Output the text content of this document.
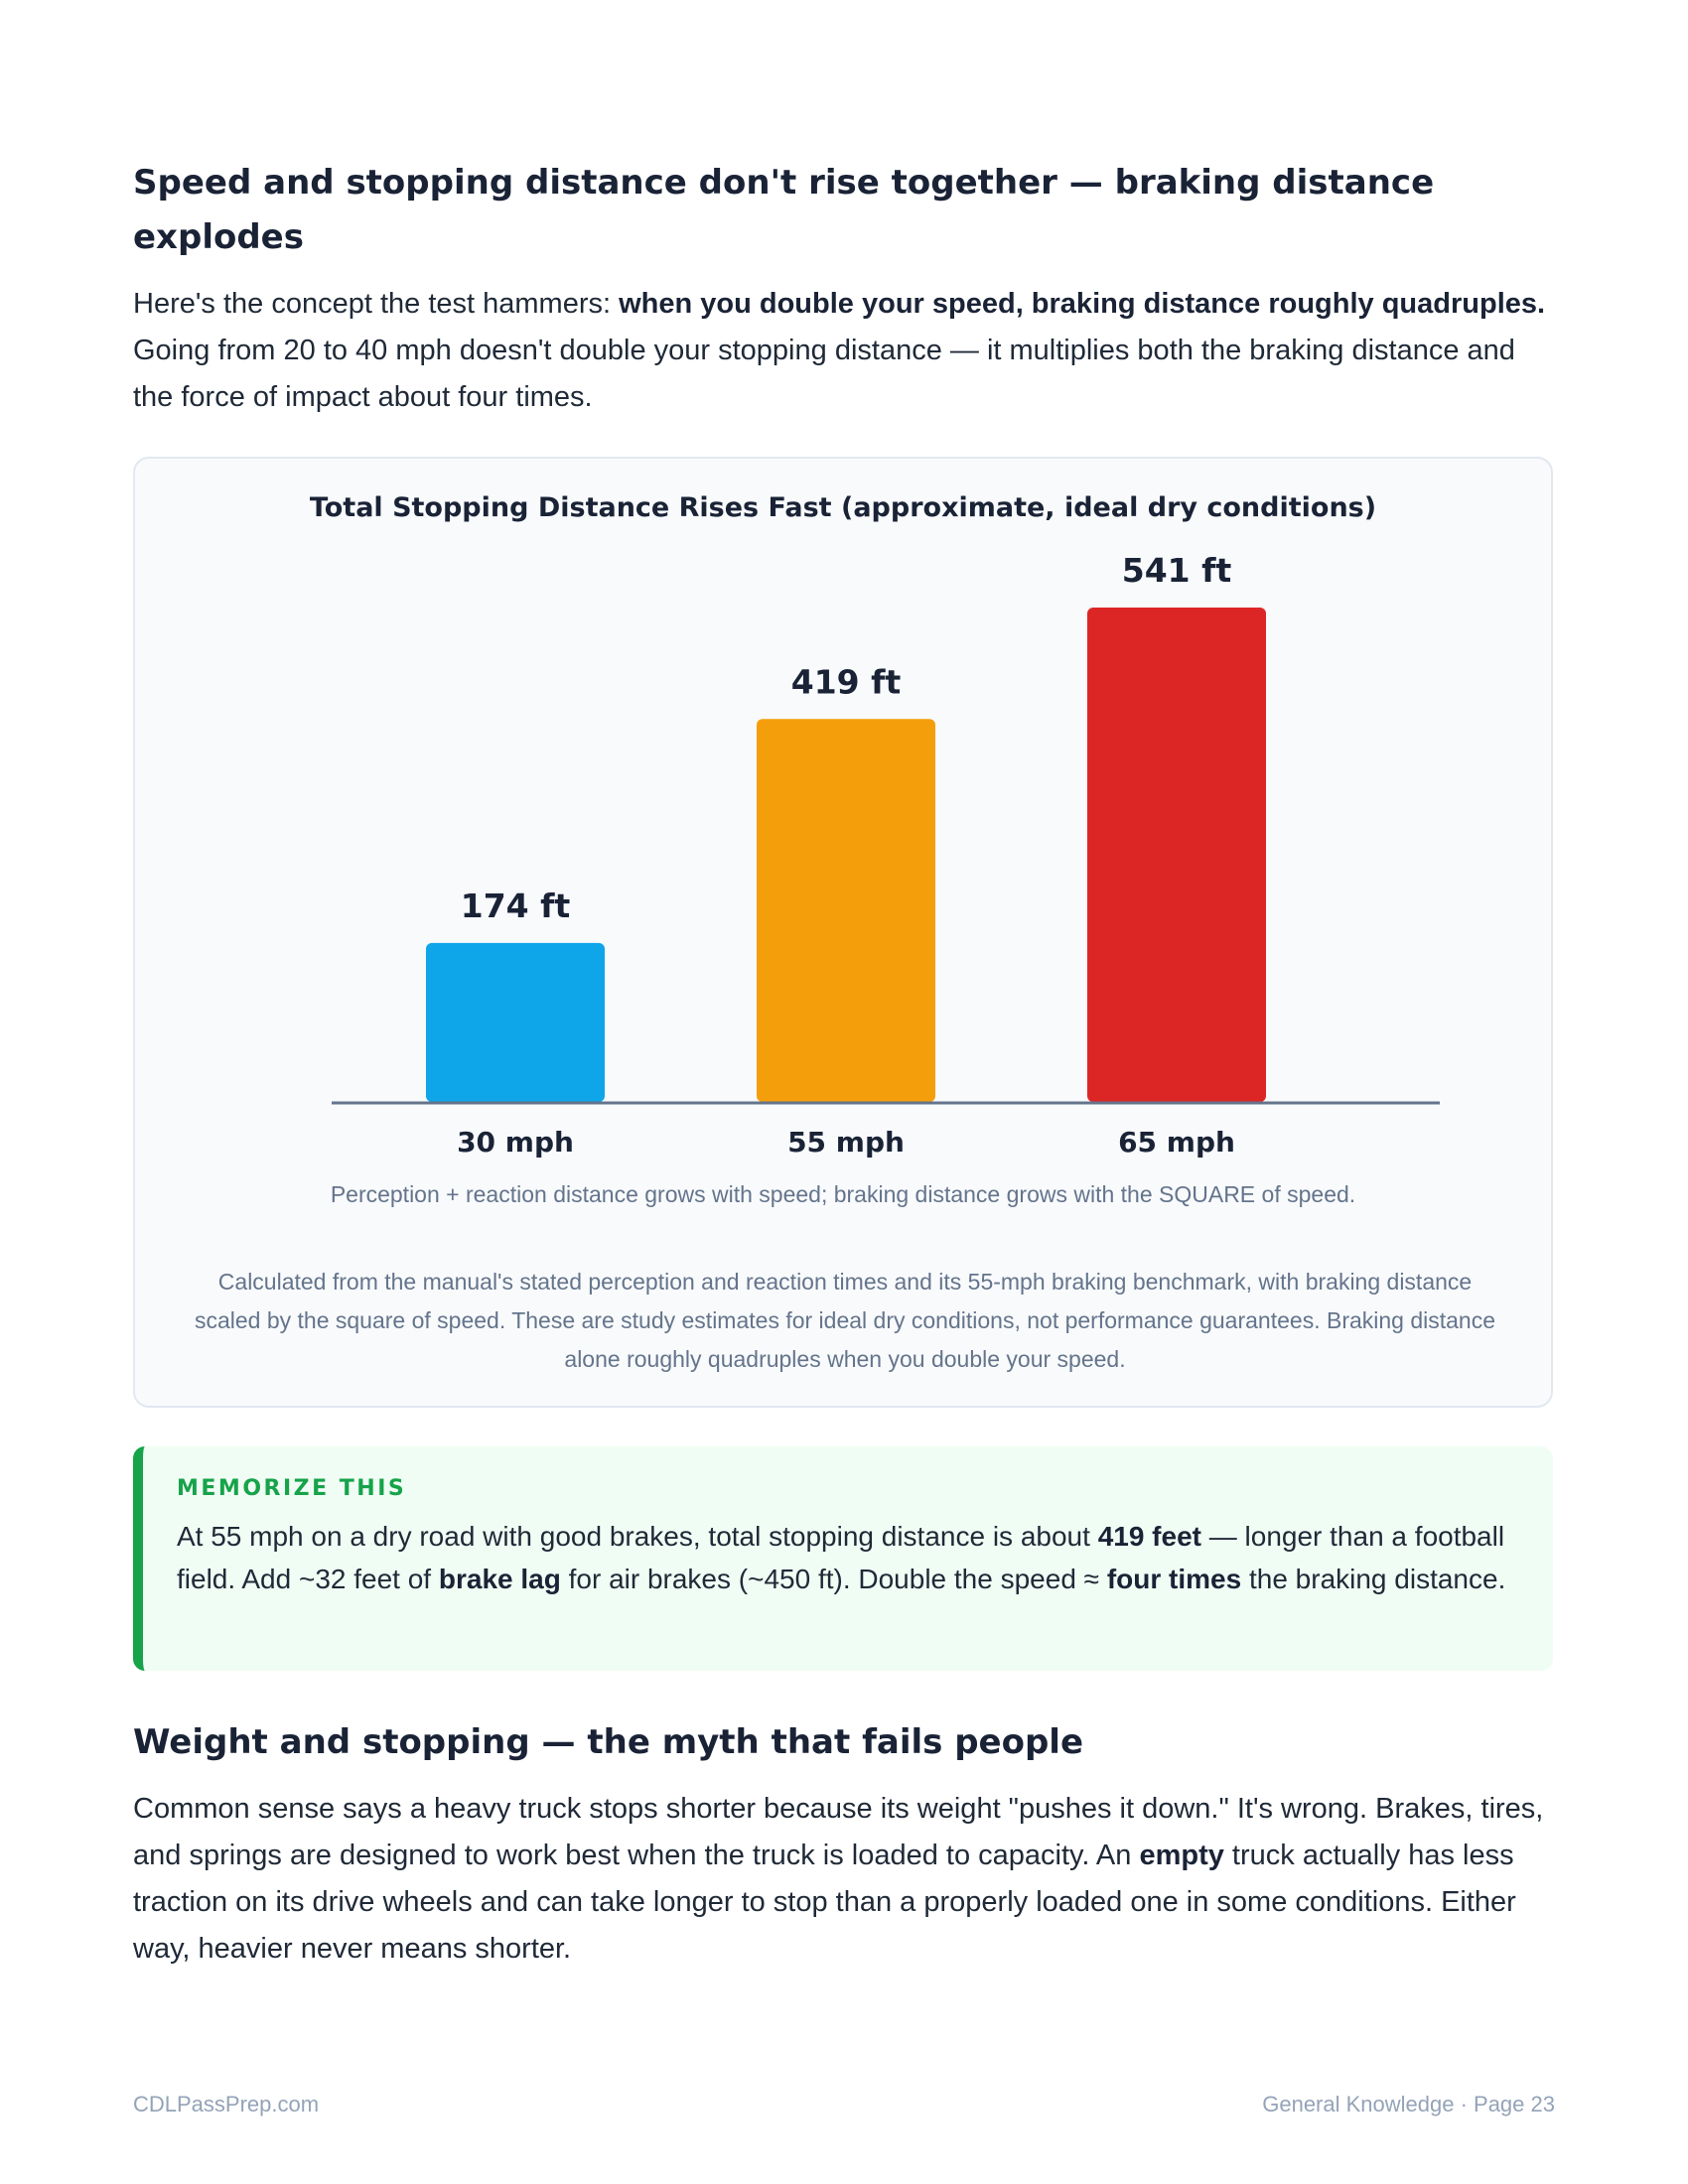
Speed and stopping distance don't rise together — braking distance explodes

Here's the concept the test hammers: when you double your speed, braking distance roughly quadruples. Going from 20 to 40 mph doesn't double your stopping distance — it multiplies both the braking distance and the force of impact about four times.

Total Stopping Distance Rises Fast (approximate, ideal dry conditions)
174 ft
30 mph
419 ft
55 mph
541 ft
65 mph
Perception + reaction distance grows with speed; braking distance grows with the SQUARE of speed.
Calculated from the manual's stated perception and reaction times and its 55-mph braking benchmark, with braking distance scaled by the square of speed. These are study estimates for ideal dry conditions, not performance guarantees. Braking distance alone roughly quadruples when you double your speed.
MEMORIZE THIS
At 55 mph on a dry road with good brakes, total stopping distance is about 419 feet — longer than a football field. Add ~32 feet of brake lag for air brakes (~450 ft). Double the speed ≈ four times the braking distance.
Weight and stopping — the myth that fails people

Common sense says a heavy truck stops shorter because its weight "pushes it down." It's wrong. Brakes, tires, and springs are designed to work best when the truck is loaded to capacity. An empty truck actually has less traction on its drive wheels and can take longer to stop than a properly loaded one in some conditions. Either way, heavier never means shorter.

CDLPassPrep.com	General Knowledge · Page 23
